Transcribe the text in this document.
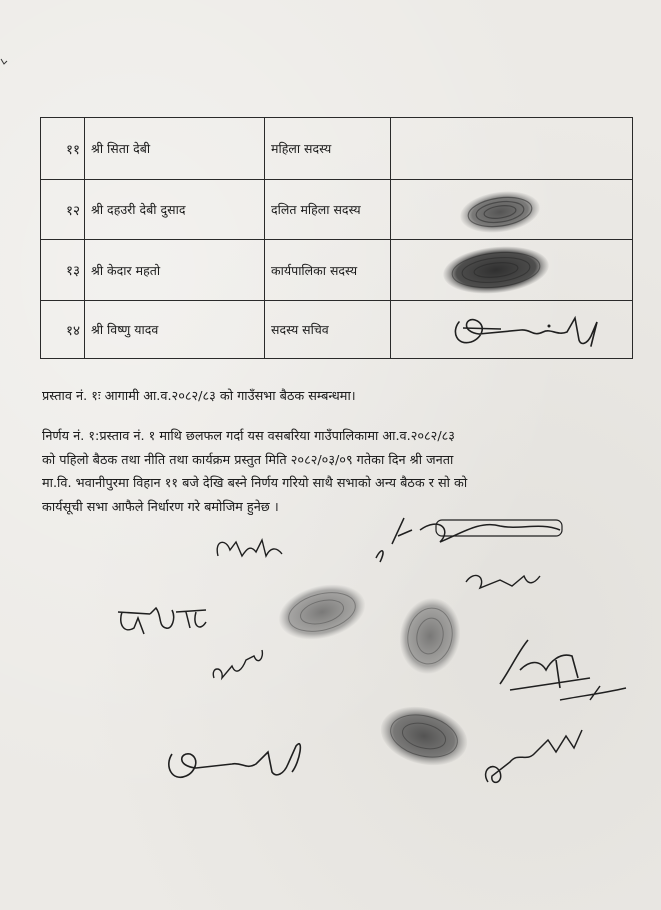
११	श्री सिता देबी	महिला सदस्य	
१२	श्री दहउरी देबी दुसाद	दलित महिला सदस्य	

१३	श्री केदार महतो	कार्यपालिका सदस्य	

१४	श्री विष्णु यादव	सदस्य सचिव	
प्रस्ताव नं. १ः आगामी आ.व.२०८२/८३ को गाउँसभा बैठक सम्बन्धमा।
निर्णय नं. १:प्रस्ताव नं. १ माथि छलफल गर्दा यस वसबरिया गाउँपालिकामा आ.व.२०८२/८३
को पहिलो बैठक तथा नीति तथा कार्यक्रम प्रस्तुत मिति २०८२/०३/०९ गतेका दिन श्री जनता
मा.वि. भवानीपुरमा विहान ११ बजे देखि बस्ने निर्णय गरियो साथै सभाको अन्य बैठक र सो को
कार्यसूची सभा आफैले निर्धारण गरे बमोजिम हुनेछ ।
